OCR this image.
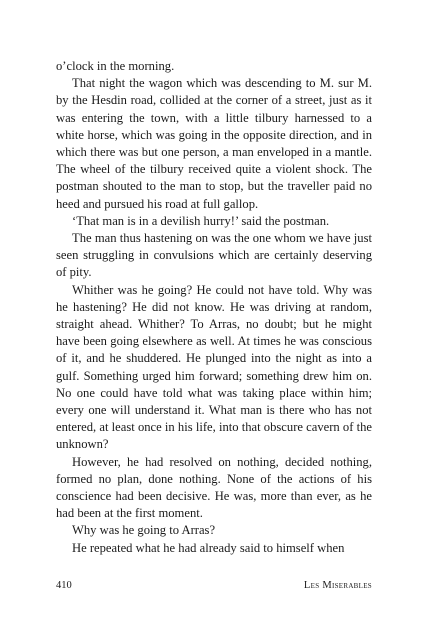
o’clock in the morning.

That night the wagon which was descending to M. sur M. by the Hesdin road, collided at the corner of a street, just as it was entering the town, with a little tilbury harnessed to a white horse, which was going in the opposite direction, and in which there was but one person, a man enveloped in a mantle. The wheel of the tilbury received quite a violent shock. The postman shouted to the man to stop, but the traveller paid no heed and pursued his road at full gallop.

‘That man is in a devilish hurry!’ said the postman.

The man thus hastening on was the one whom we have just seen struggling in convulsions which are certainly deserving of pity.

Whither was he going? He could not have told. Why was he hastening? He did not know. He was driving at random, straight ahead. Whither? To Arras, no doubt; but he might have been going elsewhere as well. At times he was conscious of it, and he shuddered. He plunged into the night as into a gulf. Something urged him forward; something drew him on. No one could have told what was taking place within him; every one will understand it. What man is there who has not entered, at least once in his life, into that obscure cavern of the unknown?

However, he had resolved on nothing, decided nothing, formed no plan, done nothing. None of the actions of his conscience had been decisive. He was, more than ever, as he had been at the first moment.

Why was he going to Arras?

He repeated what he had already said to himself when

410	Les Miserables
